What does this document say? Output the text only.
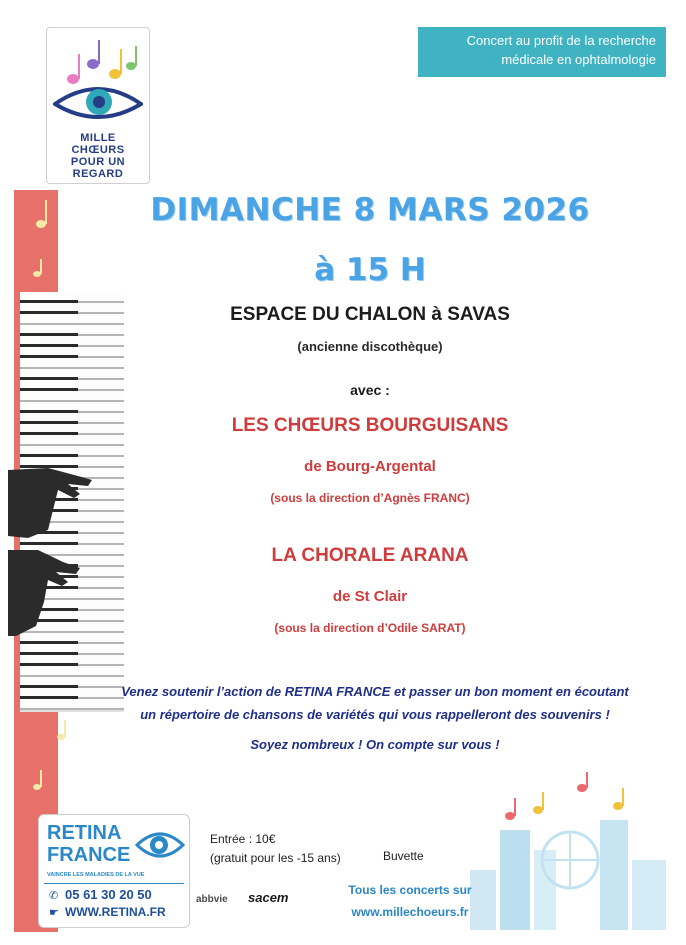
MILLE
CHŒURS
POUR UN
REGARD
Concert au profit de la recherche
médicale en ophtalmologie
DIMANCHE 8 MARS 2026
à 15 H
ESPACE DU CHALON à SAVAS
(ancienne discothèque)
avec :
LES CHŒURS BOURGUISANS
de Bourg-Argental
(sous la direction d’Agnès FRANC)
LA CHORALE ARANA
de St Clair
(sous la direction d’Odile SARAT)
Venez soutenir l’action de RETINA FRANCE et passer un bon moment en écoutant
un répertoire de chansons de variétés qui vous rappelleront des souvenirs !
Soyez nombreux ! On compte sur vous !
RETINA
FRANCE
VAINCRE LES MALADIES DE LA VUE
✆ 05 61 30 20 50
☛ WWW.RETINA.FR
Entrée : 10€
(gratuit pour les -15 ans)	Buvette
abbvie sacem	Tous les concerts sur
www.millechoeurs.fr
